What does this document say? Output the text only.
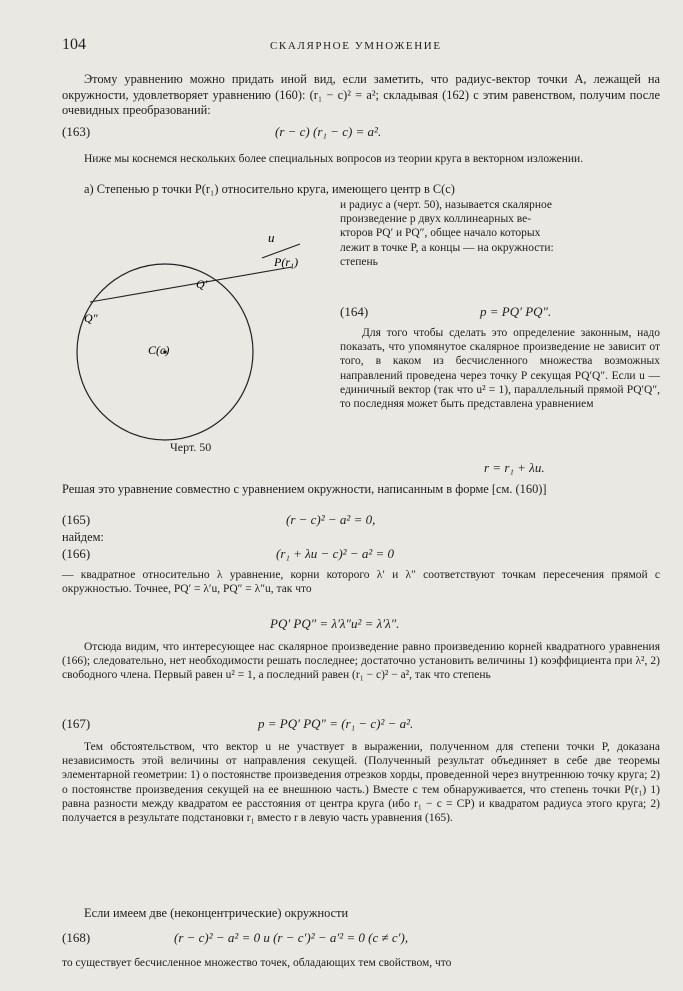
104	СКАЛЯРНОЕ УМНОЖЕНИЕ

Этому уравнению можно придать иной вид, если заметить, что радиус-вектор точки A, лежащей на окружности, удовлетворяет уравнению (160): (r₁ − c)² = a²; складывая (162) с этим равенством, получим после очевидных преобразований:

(163)	(r − c) (r₁ − c) = a².

Ниже мы коснемся нескольких более специальных вопросов из теории круга в векторном изложении.

а) Степенью p точки P(r₁) относительно круга, имеющего центр в C(c)

и радиус a (черт. 50), называется скалярное

произведение p двух коллинеарных ве-

кторов PQ′ и PQ″, общее начало которых

лежит в точке P, а концы — на окружности:

степень

(164)	p = PQ′ PQ″.

Для того чтобы сделать это определение законным, надо показать, что упомянутое скалярное произведение не зависит от того, в каком из бесчисленного множества возможных направлений проведена через точку P секущая PQ′Q″. Если u — единичный вектор (так что u² = 1), параллельный прямой PQ′Q″, то последняя может быть представлена уравнением

r = r₁ + λu.
u
P(r₁)
Q′
Q″
C(c)
Черт. 50

Решая это уравнение совместно с уравнением окружности, написанным в форме [см. (160)]

(165)	(r − c)² − a² = 0,

найдем:

(166)	(r₁ + λu − c)² − a² = 0

— квадратное относительно λ уравнение, корни которого λ′ и λ″ соответствуют точкам пересечения прямой с окружностью. Точнее, PQ′ = λ′u, PQ″ = λ″u, так что

PQ′ PQ″ = λ′λ″u² = λ′λ″.

Отсюда видим, что интересующее нас скалярное произведение равно произведению корней квадратного уравнения (166); следовательно, нет необходимости решать последнее; достаточно установить величины 1) коэффициента при λ², 2) свободного члена. Первый равен u² = 1, а последний равен (r₁ − c)² − a², так что степень

(167)	p = PQ′ PQ″ = (r₁ − c)² − a².

Тем обстоятельством, что вектор u не участвует в выражении, полученном для степени точки P, доказана независимость этой величины от направления секущей. (Полученный результат объединяет в себе две теоремы элементарной геометрии: 1) о постоянстве произведения отрезков хорды, проведенной через внутреннюю точку круга; 2) о постоянстве произведения секущей на ее внешнюю часть.) Вместе с тем обнаруживается, что степень точки P(r₁) 1) равна разности между квадратом ее расстояния от центра круга (ибо r₁ − c = CP) и квадратом радиуса этого круга; 2) получается в результате подстановки r₁ вместо r в левую часть уравнения (165).

Если имеем две (неконцентрические) окружности

(168)	(r − c)² − a² = 0 и (r − c′)² − a′² = 0 (c ≠ c′),

то существует бесчисленное множество точек, обладающих тем свойством, что
